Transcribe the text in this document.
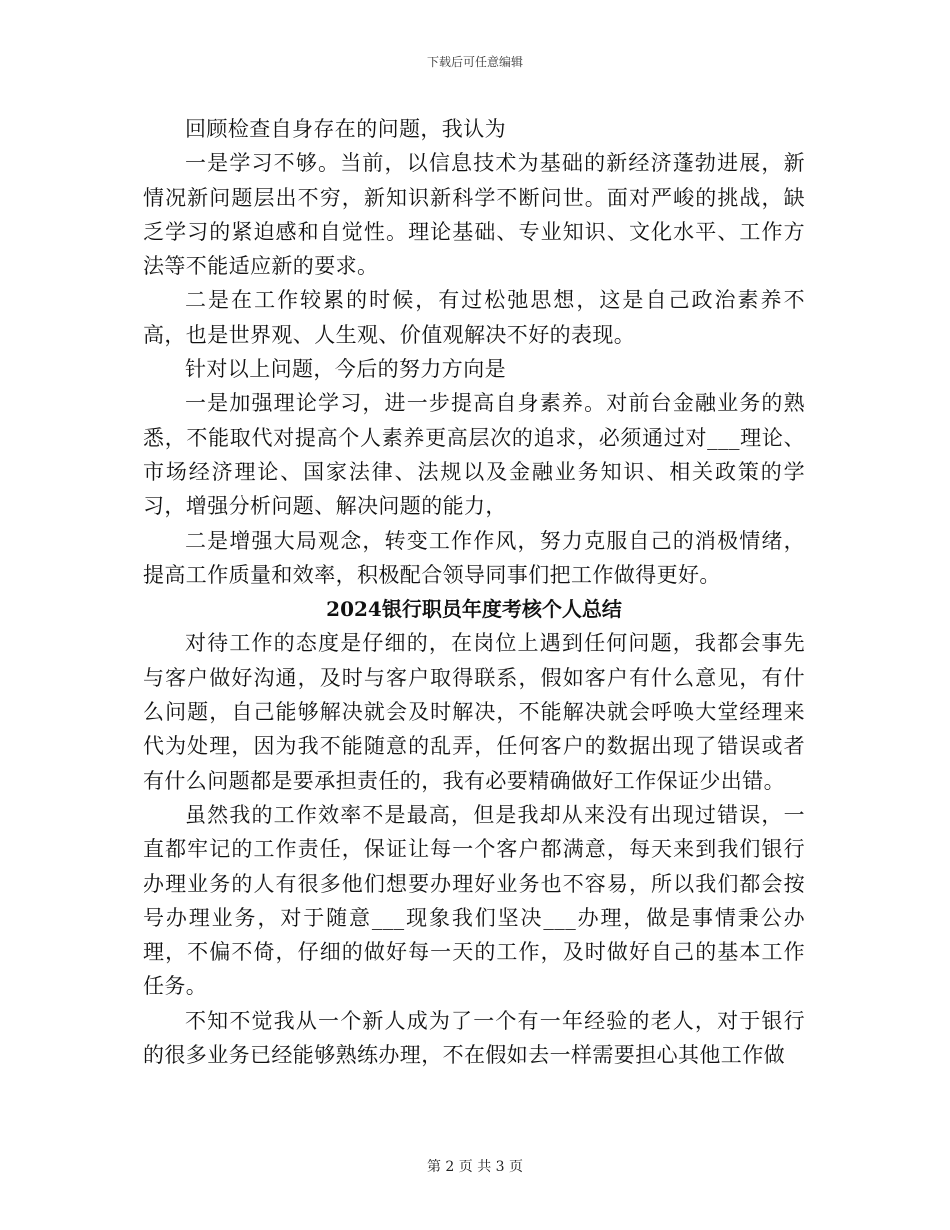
下载后可任意编辑

回顾检查自身存在的问题，我认为

一是学习不够。当前，以信息技术为基础的新经济蓬勃进展，新情况新问题层出不穷，新知识新科学不断问世。面对严峻的挑战，缺乏学习的紧迫感和自觉性。理论基础、专业知识、文化水平、工作方法等不能适应新的要求。

二是在工作较累的时候，有过松弛思想，这是自己政治素养不高，也是世界观、人生观、价值观解决不好的表现。

针对以上问题，今后的努力方向是

一是加强理论学习，进一步提高自身素养。对前台金融业务的熟悉，不能取代对提高个人素养更高层次的追求，必须通过对___理论、市场经济理论、国家法律、法规以及金融业务知识、相关政策的学习，增强分析问题、解决问题的能力，

二是增强大局观念，转变工作作风，努力克服自己的消极情绪，提高工作质量和效率，积极配合领导同事们把工作做得更好。

2024银行职员年度考核个人总结

对待工作的态度是仔细的，在岗位上遇到任何问题，我都会事先与客户做好沟通，及时与客户取得联系，假如客户有什么意见，有什么问题，自己能够解决就会及时解决，不能解决就会呼唤大堂经理来代为处理，因为我不能随意的乱弄，任何客户的数据出现了错误或者有什么问题都是要承担责任的，我有必要精确做好工作保证少出错。

虽然我的工作效率不是最高，但是我却从来没有出现过错误，一直都牢记的工作责任，保证让每一个客户都满意，每天来到我们银行办理业务的人有很多他们想要办理好业务也不容易，所以我们都会按号办理业务，对于随意___现象我们坚决___办理，做是事情秉公办理，不偏不倚，仔细的做好每一天的工作，及时做好自己的基本工作任务。

不知不觉我从一个新人成为了一个有一年经验的老人，对于银行的很多业务已经能够熟练办理，不在假如去一样需要担心其他工作做

第 2 页 共 3 页
